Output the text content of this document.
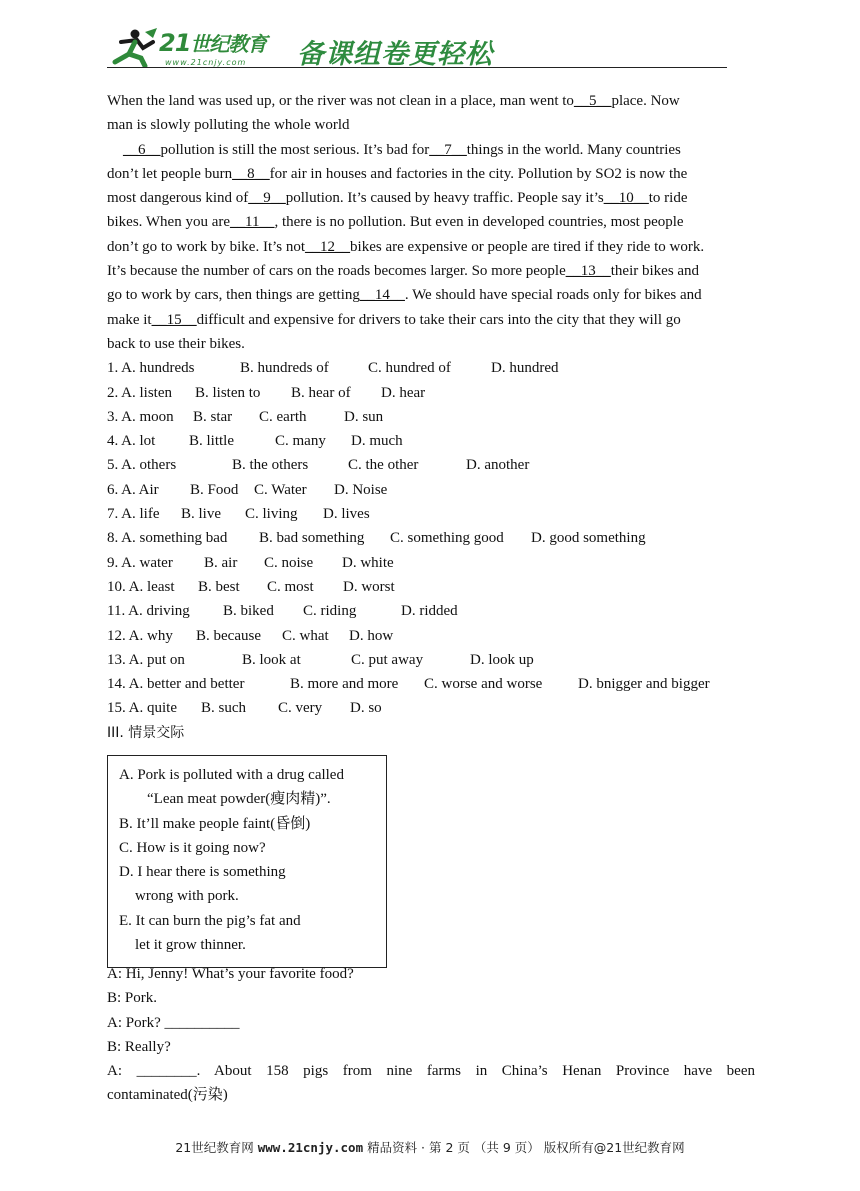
21世纪教育
www.21cnjy.com 备课组卷更轻松
When the land was used up, or the river was not clean in a place, man went to__5__place. Now
man is slowly polluting the whole world
__6__pollution is still the most serious. It’s bad for__7__things in the world. Many countries
don’t let people burn__8__for air in houses and factories in the city. Pollution by SO2 is now the
most dangerous kind of__9__pollution. It’s caused by heavy traffic. People say it’s__10__to ride
bikes. When you are__11__, there is no pollution. But even in developed countries, most people
don’t go to work by bike. It’s not__12__bikes are expensive or people are tired if they ride to work.
It’s because the number of cars on the roads becomes larger. So more people__13__their bikes and
go to work by cars, then things are getting__14__. We should have special roads only for bikes and
make it__15__difficult and expensive for drivers to take their cars into the city that they will go
back to use their bikes.
1. A. hundreds	B. hundreds of	C. hundred of	D. hundred
2. A. listen	B. listen to	B. hear of	D. hear
3. A. moon	B. star	C. earth	D. sun
4. A. lot	B. little	C. many	D. much
5. A. others	B. the others	C. the other	D. another
6. A. Air	B. Food	C. Water	D. Noise
7. A. life	B. live	C. living	D. lives
8. A. something bad	B. bad something	C. something good	D. good something
9. A. water	B. air	C. noise	D. white
10. A. least	B. best	C. most	D. worst
11. A. driving	B. biked	C. riding	D. ridded
12. A. why	B. because	C. what	D. how
13. A. put on	B. look at	C. put away	D. look up
14. A. better and better	B. more and more	C. worse and worse	D. bnigger and bigger
15. A. quite	B. such	C. very	D. so
III. 情景交际
A. Pork is polluted with a drug called
“Lean meat powder(瘦肉精)”.
B. It’ll make people faint(昏倒)
C. How is it going now?
D. I hear there is something
wrong with pork.
E. It can burn the pig’s fat and
let it grow thinner.
A: Hi, Jenny! What’s your favorite food?
B: Pork.
A: Pork? __________
B: Really?
A: ________. About 158 pigs from nine farms in China’s Henan Province have been
contaminated(污染)
21世纪教育网 www.21cnjy.com 精品资料 · 第 2 页 （共 9 页） 版权所有@21世纪教育网
